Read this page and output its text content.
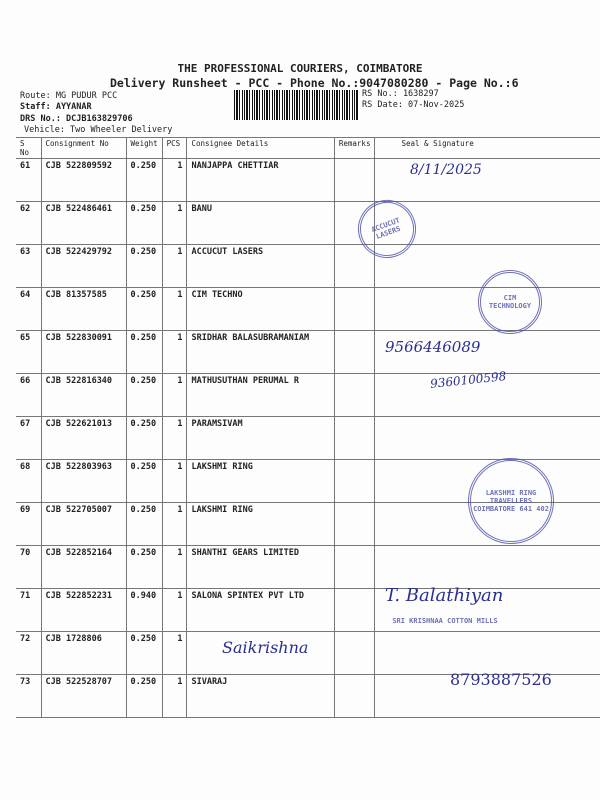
THE PROFESSIONAL COURIERS, COIMBATORE
Delivery Runsheet - PCC - Phone No.:9047080280 - Page No.:6
Route: MG PUDUR PCC
Staff: AYYANAR
DRS No.: DCJB163829706
Vehicle: Two Wheeler Delivery
RS No.: 1638297
RS Date: 07-Nov-2025
S No	Consignment No	Weight	PCS	Consignee Details	Remarks	Seal & Signature
61	CJB 522809592	0.250	1	NANJAPPA CHETTIAR		
62	CJB 522486461	0.250	1	BANU		
63	CJB 522429792	0.250	1	ACCUCUT LASERS		
64	CJB 81357585	0.250	1	CIM TECHNO		
65	CJB 522830091	0.250	1	SRIDHAR BALASUBRAMANIAM		
66	CJB 522816340	0.250	1	MATHUSUTHAN PERUMAL R		
67	CJB 522621013	0.250	1	PARAMSIVAM		
68	CJB 522803963	0.250	1	LAKSHMI RING		
69	CJB 522705007	0.250	1	LAKSHMI RING		
70	CJB 522852164	0.250	1	SHANTHI GEARS LIMITED		
71	CJB 522852231	0.940	1	SALONA SPINTEX PVT LTD		
72	CJB 1728806	0.250	1			
73	CJB 522528707	0.250	1	SIVARAJ		
ACCUCUT LASERS
CIM TECHNOLOGY
LAKSHMI RING TRAVELLERS COIMBATORE 641 402
SRI KRISHNAA COTTON MILLS
8/11/2025
9566446089
9360100598
Saikrishna
8793887526
T. Balathiyan
